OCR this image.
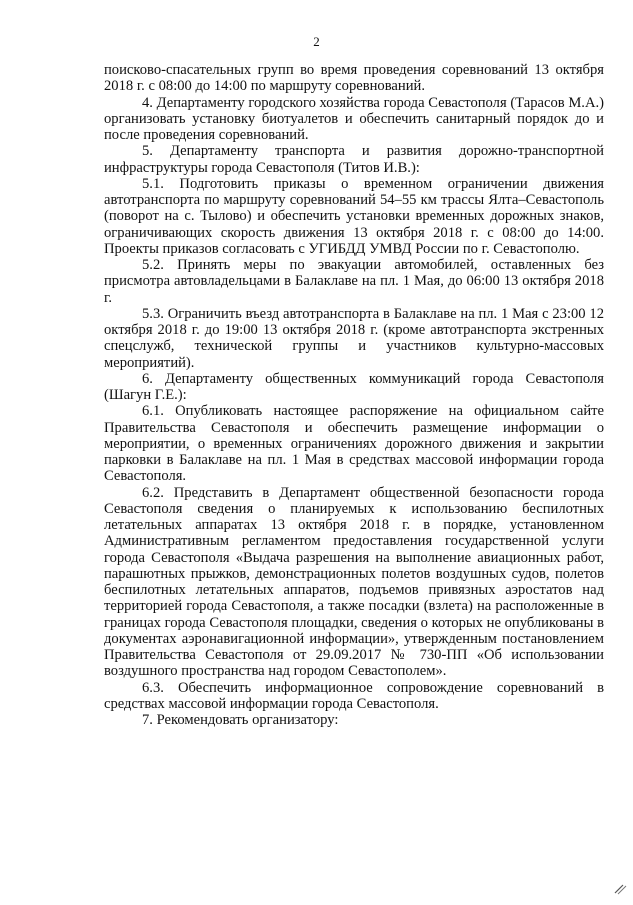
2

поисково-спасательных групп во время проведения соревнований 13 октября 2018 г. с 08:00 до 14:00 по маршруту соревнований.

4. Департаменту городского хозяйства города Севастополя (Тарасов М.А.) организовать установку биотуалетов и обеспечить санитарный порядок до и после проведения соревнований.

5. Департаменту транспорта и развития дорожно-транспортной инфраструктуры города Севастополя (Титов И.В.):

5.1. Подготовить приказы о временном ограничении движения автотранспорта по маршруту соревнований 54–55 км трассы Ялта–Севастополь (поворот на с. Тылово) и обеспечить установки временных дорожных знаков, ограничивающих скорость движения 13 октября 2018 г. с 08:00 до 14:00. Проекты приказов согласовать с УГИБДД УМВД России по г. Севастополю.

5.2. Принять меры по эвакуации автомобилей, оставленных без присмотра автовладельцами в Балаклаве на пл. 1 Мая, до 06:00 13 октября 2018 г.

5.3. Ограничить въезд автотранспорта в Балаклаве на пл. 1 Мая с 23:00 12 октября 2018 г. до 19:00 13 октября 2018 г. (кроме автотранспорта экстренных спецслужб, технической группы и участников культурно-массовых мероприятий).

6. Департаменту общественных коммуникаций города Севастополя (Шагун Г.Е.):

6.1. Опубликовать настоящее распоряжение на официальном сайте Правительства Севастополя и обеспечить размещение информации о мероприятии, о временных ограничениях дорожного движения и закрытии парковки в Балаклаве на пл. 1 Мая в средствах массовой информации города Севастополя.

6.2. Представить в Департамент общественной безопасности города Севастополя сведения о планируемых к использованию беспилотных летательных аппаратах 13 октября 2018 г. в порядке, установленном Административным регламентом предоставления государственной услуги города Севастополя «Выдача разрешения на выполнение авиационных работ, парашютных прыжков, демонстрационных полетов воздушных судов, полетов беспилотных летательных аппаратов, подъемов привязных аэростатов над территорией города Севастополя, а также посадки (взлета) на расположенные в границах города Севастополя площадки, сведения о которых не опубликованы в документах аэронавигационной информации», утвержденным постановлением Правительства Севастополя от 29.09.2017 № 730-ПП «Об использовании воздушного пространства над городом Севастополем».

6.3. Обеспечить информационное сопровождение соревнований в средствах массовой информации города Севастополя.

7. Рекомендовать организатору:
